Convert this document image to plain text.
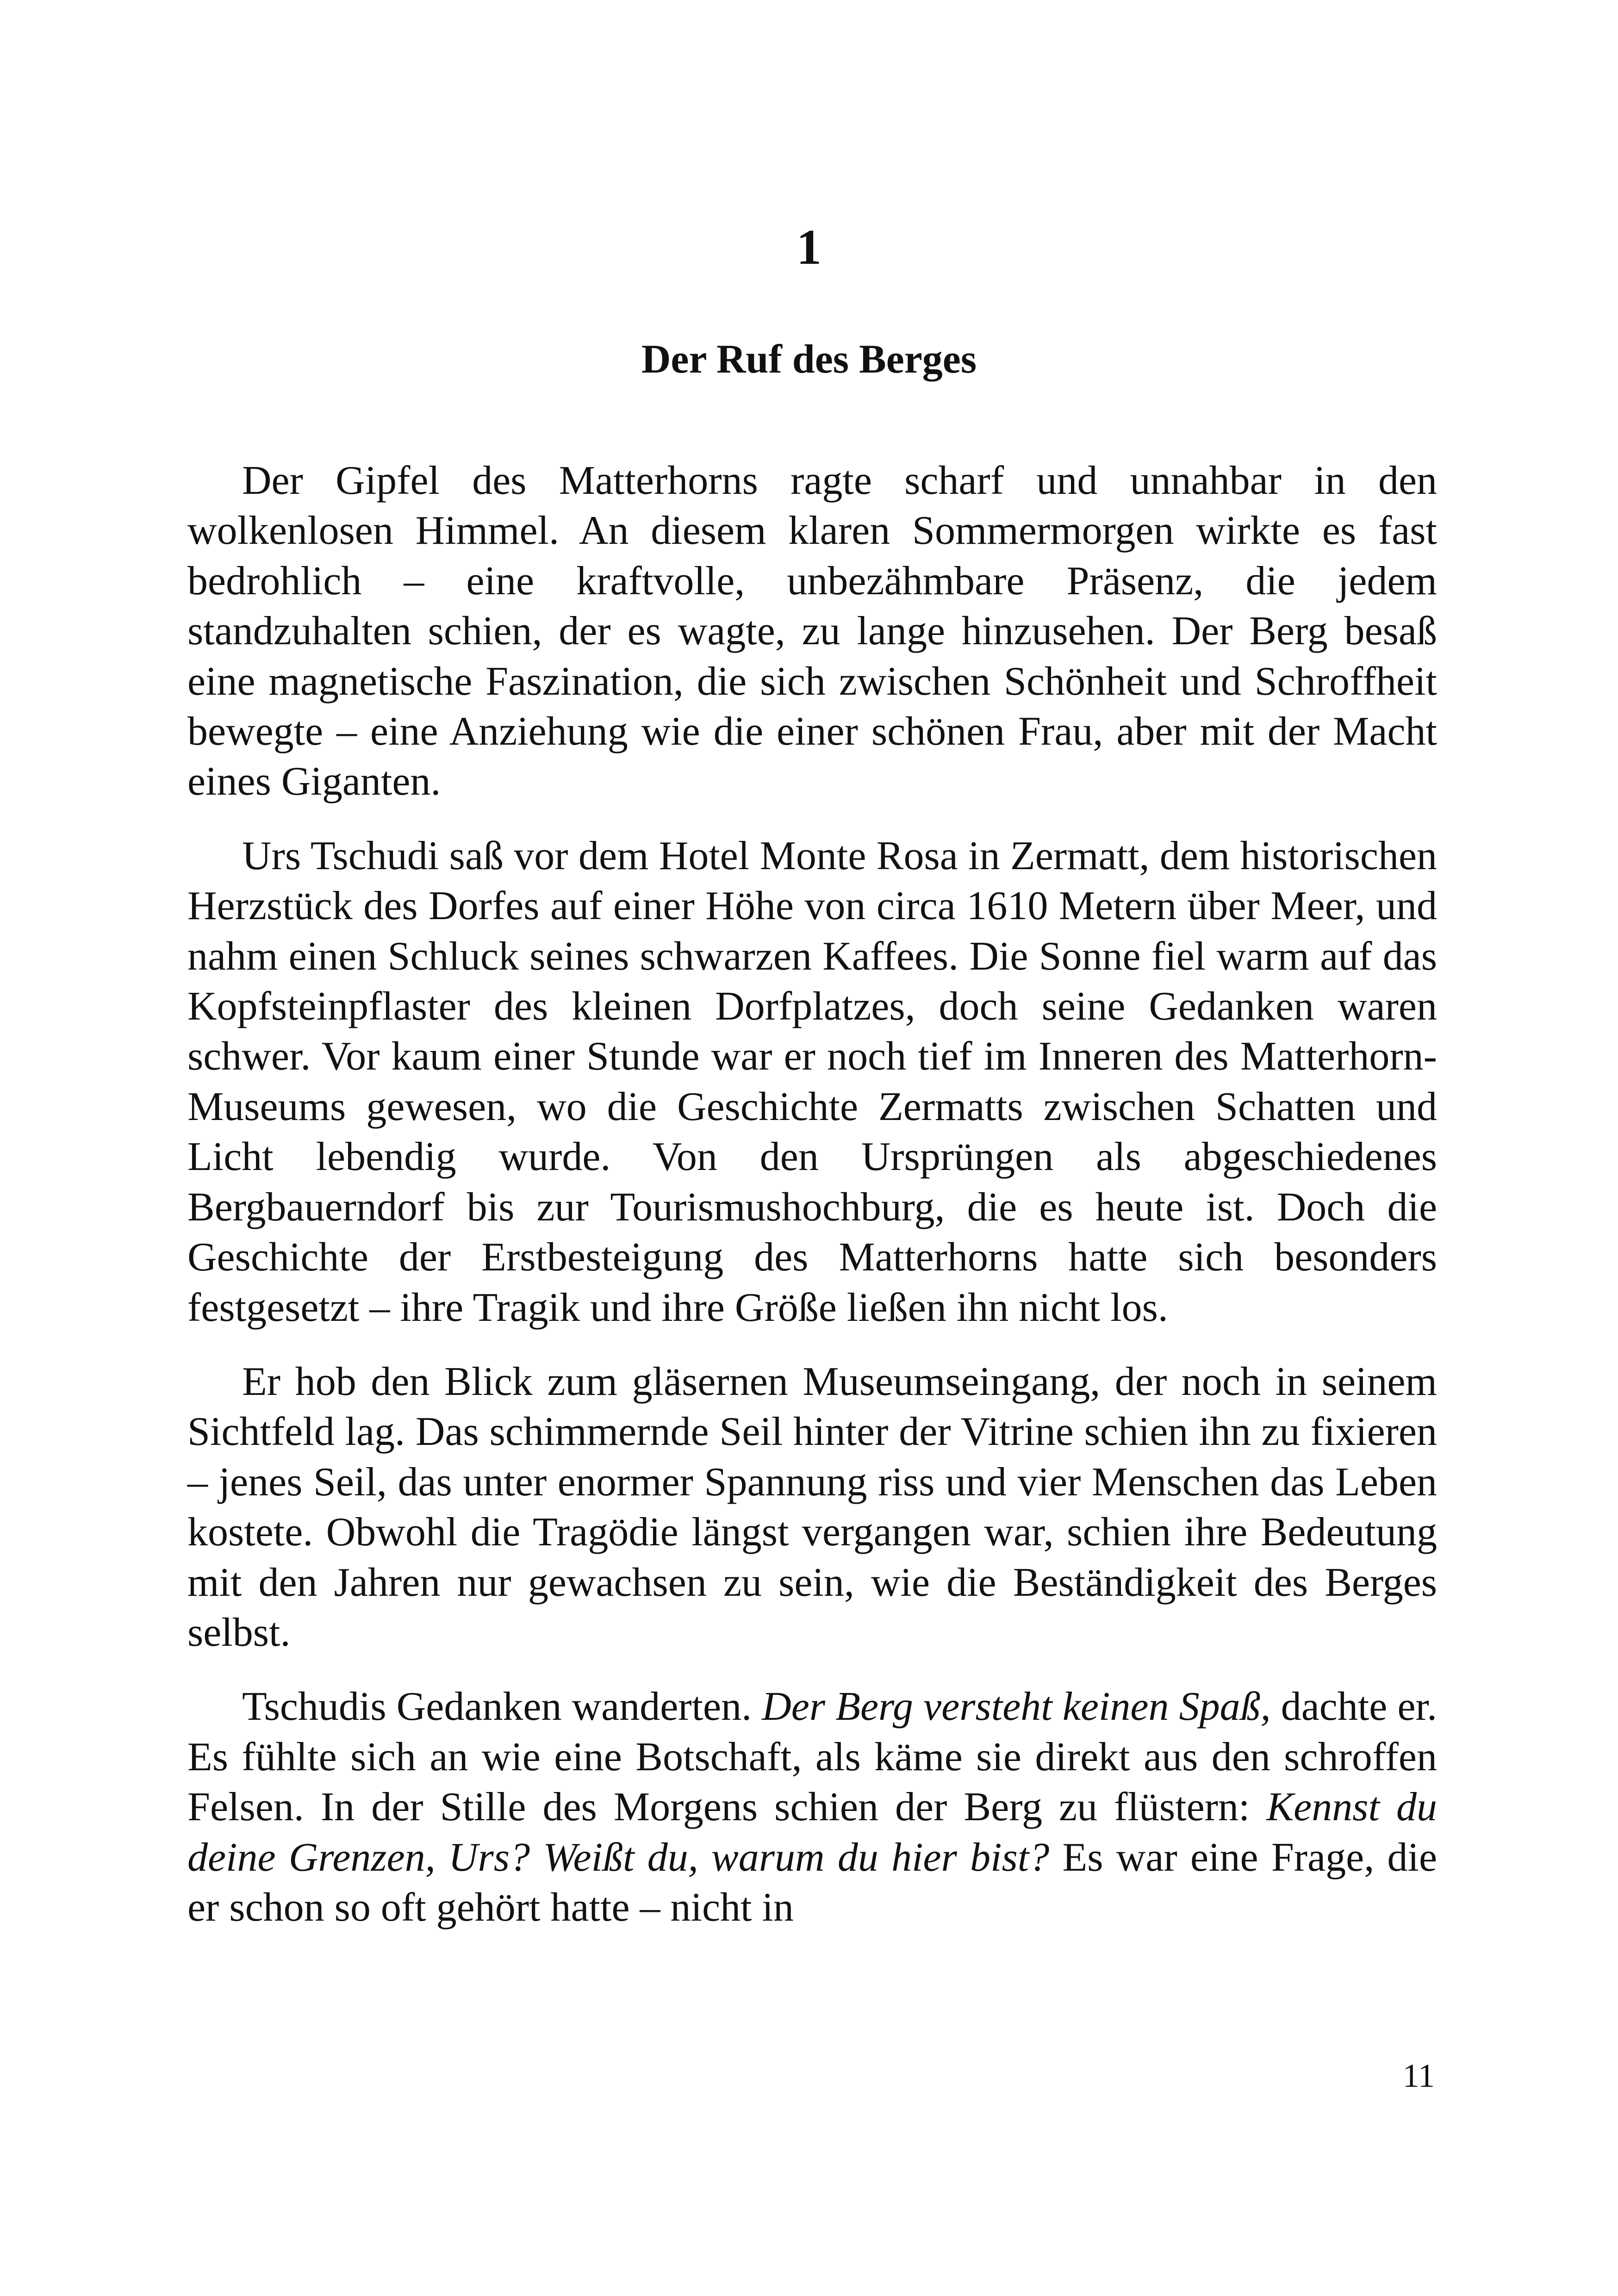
1
Der Ruf des Berges

Der Gipfel des Matterhorns ragte scharf und unnahbar in den wolkenlosen Himmel. An diesem klaren Sommermorgen wirkte es fast bedrohlich – eine kraftvolle, unbezähmbare Präsenz, die jedem standzuhalten schien, der es wagte, zu lange hinzusehen. Der Berg besaß eine magnetische Faszination, die sich zwischen Schönheit und Schroffheit bewegte – eine Anziehung wie die einer schönen Frau, aber mit der Macht eines Giganten.

Urs Tschudi saß vor dem Hotel Monte Rosa in Zermatt, dem historischen Herzstück des Dorfes auf einer Höhe von circa 1610 Metern über Meer, und nahm einen Schluck seines schwarzen Kaffees. Die Sonne fiel warm auf das Kopfsteinpflaster des kleinen Dorfplatzes, doch seine Gedanken waren schwer. Vor kaum einer Stunde war er noch tief im Inneren des Matterhorn-Museums gewesen, wo die Geschichte Zermatts zwischen Schatten und Licht lebendig wurde. Von den Ursprüngen als abgeschiedenes Bergbauerndorf bis zur Tourismushochburg, die es heute ist. Doch die Geschichte der Erstbesteigung des Matterhorns hatte sich besonders festgesetzt – ihre Tragik und ihre Größe ließen ihn nicht los.

Er hob den Blick zum gläsernen Museumseingang, der noch in seinem Sichtfeld lag. Das schimmernde Seil hinter der Vitrine schien ihn zu fixieren – jenes Seil, das unter enormer Spannung riss und vier Menschen das Leben kostete. Obwohl die Tragödie längst vergangen war, schien ihre Bedeutung mit den Jahren nur gewachsen zu sein, wie die Beständigkeit des Berges selbst.

Tschudis Gedanken wanderten. Der Berg versteht keinen Spaß, dachte er. Es fühlte sich an wie eine Botschaft, als käme sie direkt aus den schroffen Felsen. In der Stille des Morgens schien der Berg zu flüstern: Kennst du deine Grenzen, Urs? Weißt du, warum du hier bist? Es war eine Frage, die er schon so oft gehört hatte – nicht in

11
